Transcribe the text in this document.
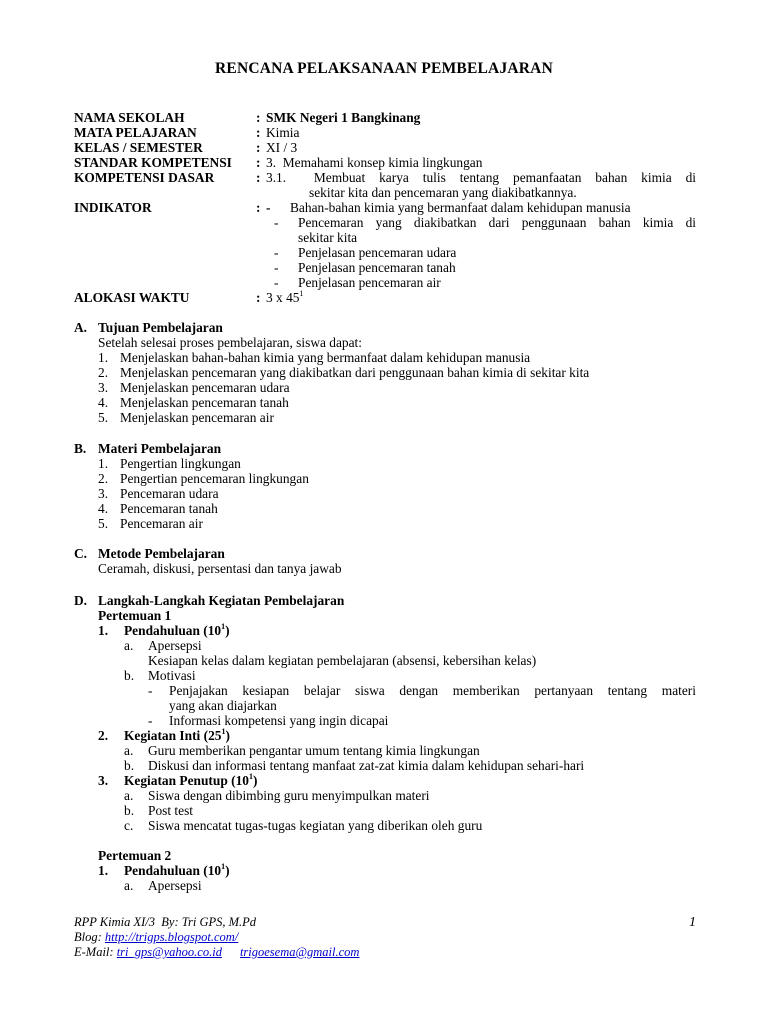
RENCANA PELAKSANAAN PEMBELAJARAN
NAMA SEKOLAH	: SMK Negeri 1 Bangkinang
MATA PELAJARAN	: Kimia
KELAS / SEMESTER	: XI / 3
STANDAR KOMPETENSI	: 3.  Memahami konsep kimia lingkungan
KOMPETENSI DASAR	: 3.1.  Membuat karya tulis tentang pemanfaatan bahan kimia di
sekitar kita dan pencemaran yang diakibatkannya.
INDIKATOR	: -	Bahan-bahan kimia yang bermanfaat dalam kehidupan manusia
-	Pencemaran yang diakibatkan dari penggunaan bahan kimia di
sekitar kita
-	Penjelasan pencemaran udara
-	Penjelasan pencemaran tanah
-	Penjelasan pencemaran air
ALOKASI WAKTU	: 3 x $45^1$
A. Tujuan Pembelajaran
Setelah selesai proses pembelajaran, siswa dapat:
1. Menjelaskan bahan-bahan kimia yang bermanfaat dalam kehidupan manusia
2. Menjelaskan pencemaran yang diakibatkan dari penggunaan bahan kimia di sekitar kita
3. Menjelaskan pencemaran udara
4. Menjelaskan pencemaran tanah
5. Menjelaskan pencemaran air
B. Materi Pembelajaran
1. Pengertian lingkungan
2. Pengertian pencemaran lingkungan
3. Pencemaran udara
4. Pencemaran tanah
5. Pencemaran air
C. Metode Pembelajaran
Ceramah, diskusi, persentasi dan tanya jawab
D. Langkah-Langkah Kegiatan Pembelajaran
Pertemuan 1
1.	Pendahuluan $(10^1)$
a.	Apersepsi
Kesiapan kelas dalam kegiatan pembelajaran (absensi, kebersihan kelas)
b.	Motivasi
-	Penjajakan kesiapan belajar siswa dengan memberikan pertanyaan tentang materi
yang akan diajarkan
-	Informasi kompetensi yang ingin dicapai
2.	Kegiatan Inti $(25^1)$
a.	Guru memberikan pengantar umum tentang kimia lingkungan
b.	Diskusi dan informasi tentang manfaat zat-zat kimia dalam kehidupan sehari-hari
3.	Kegiatan Penutup $(10^1)$
a.	Siswa dengan dibimbing guru menyimpulkan materi
b.	Post test
c.	Siswa mencatat tugas-tugas kegiatan yang diberikan oleh guru
Pertemuan 2
1.	Pendahuluan $(10^1)$
a.	Apersepsi
RPP Kimia XI/3  By: Tri GPS, M.Pd	1
Blog: http://trigps.blogspot.com/
E-Mail: tri_gps@yahoo.co.id trigoesema@gmail.com
